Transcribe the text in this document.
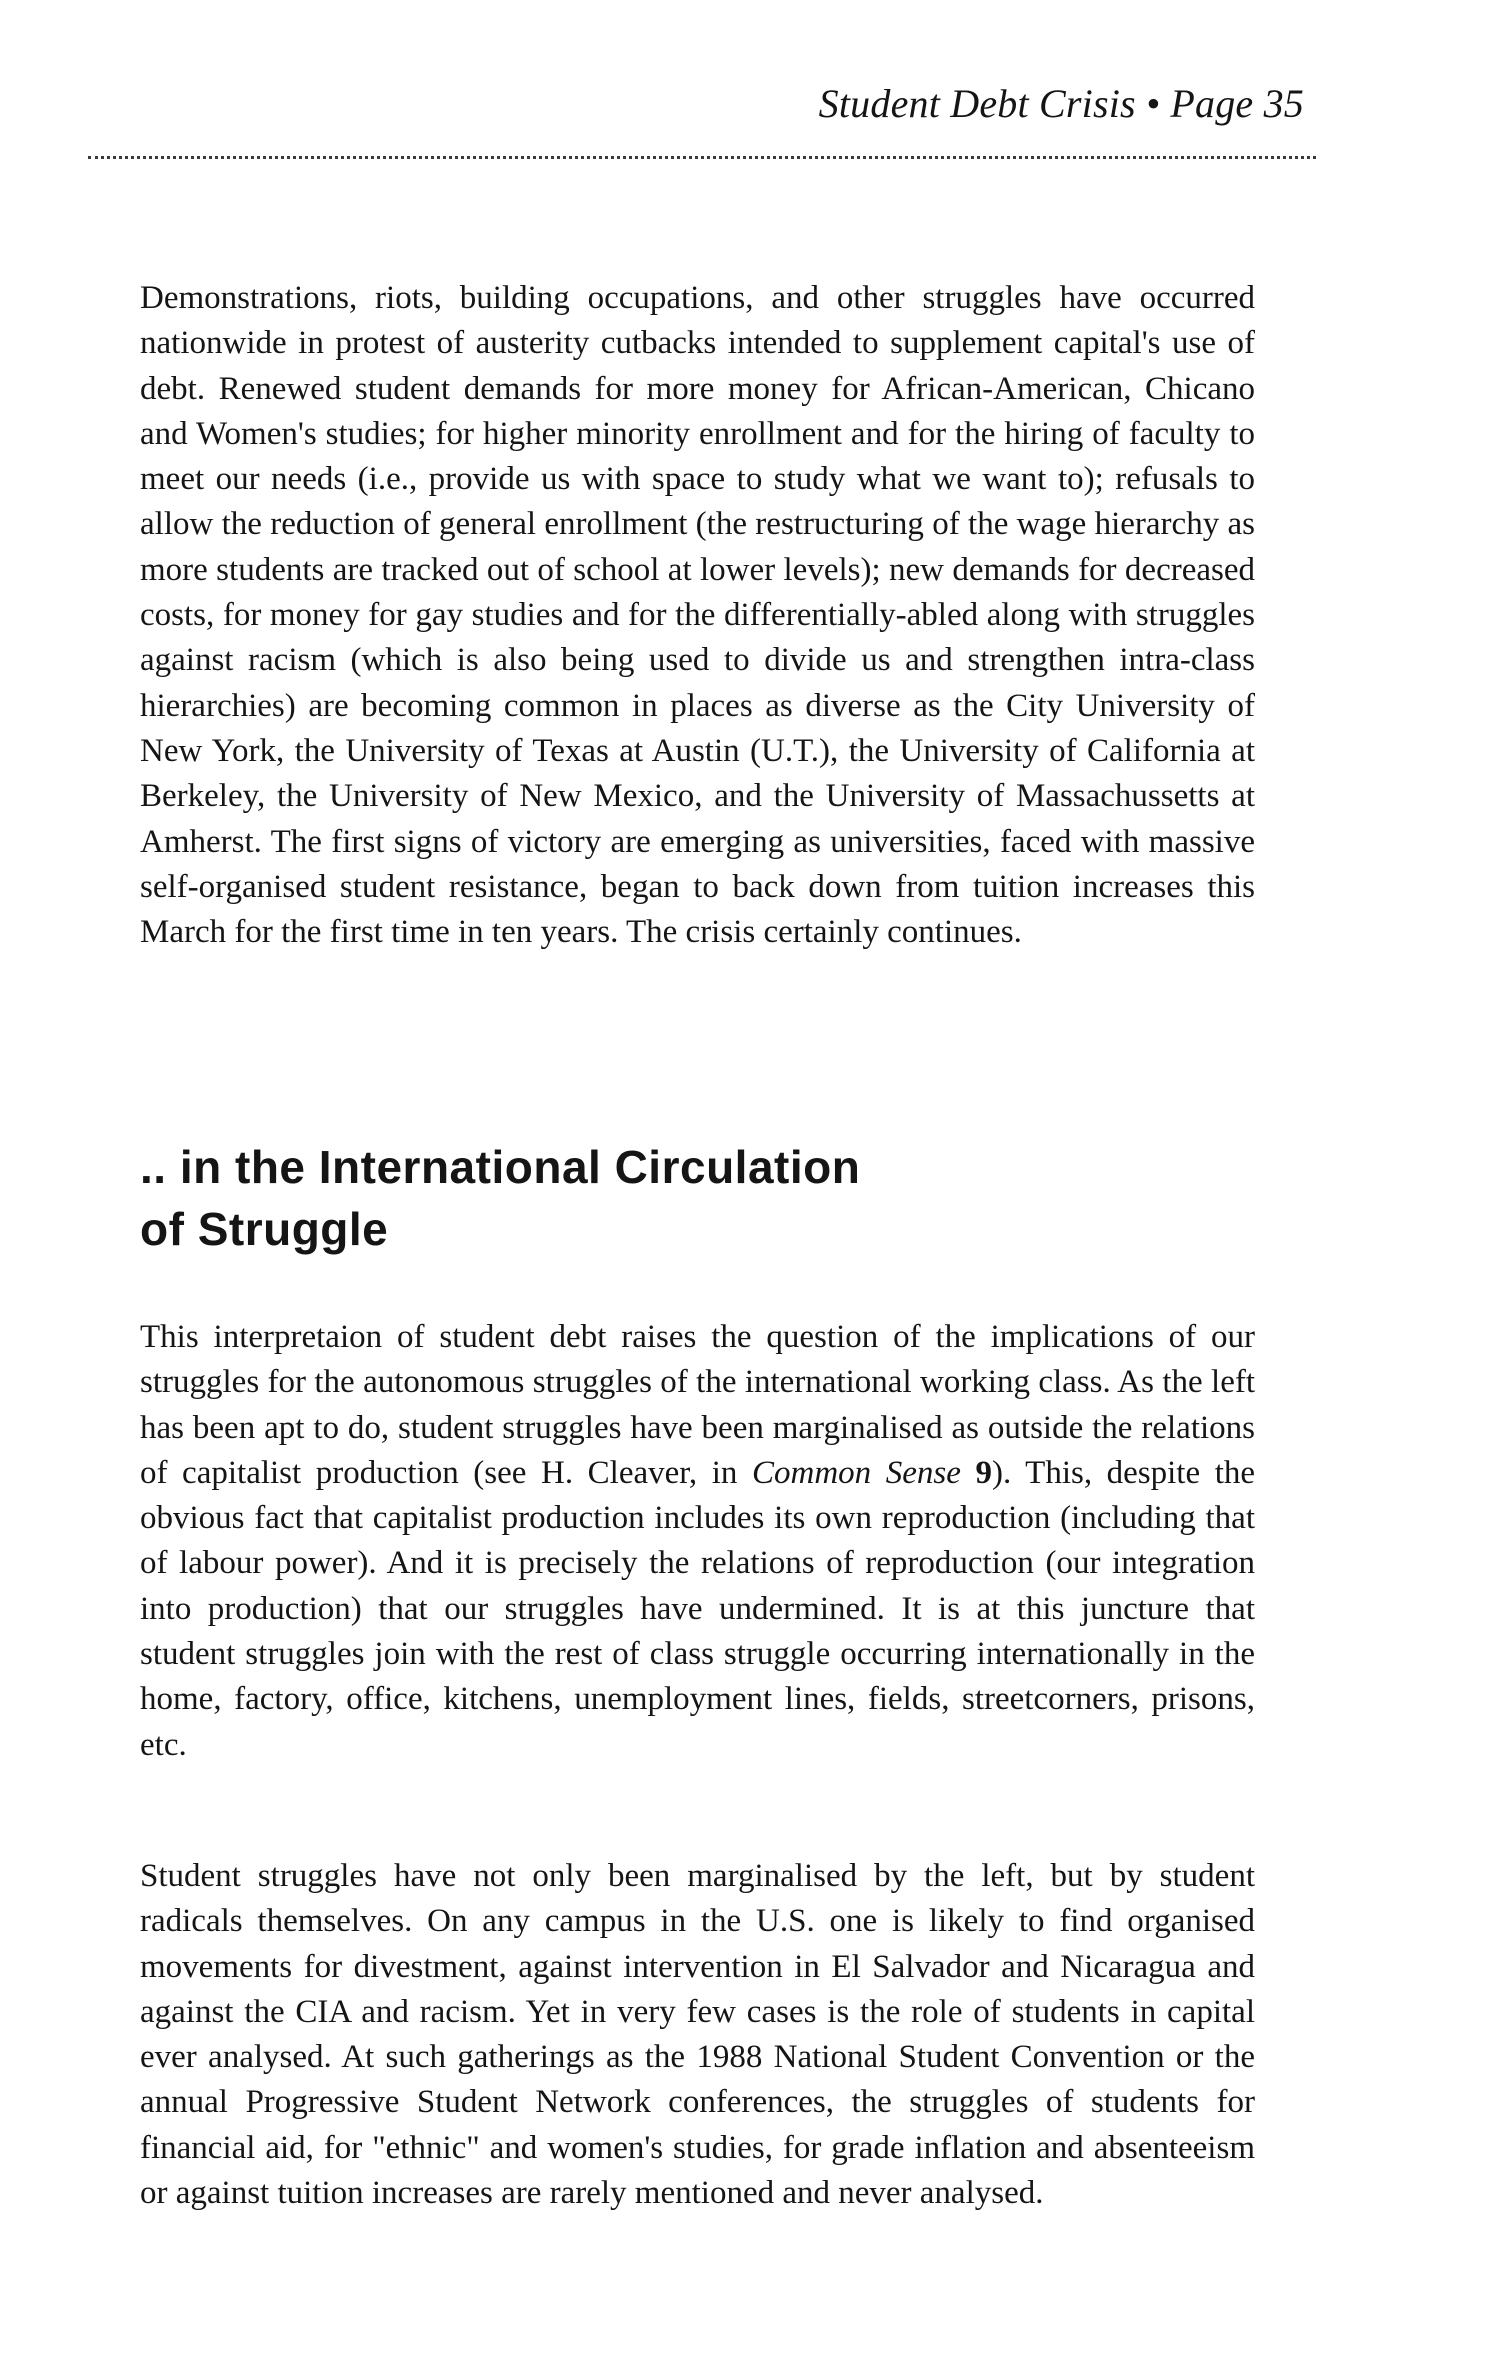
Student Debt Crisis • Page 35

Demonstrations, riots, building occupations, and other struggles have occurred nationwide in protest of austerity cutbacks intended to supplement capital's use of debt. Renewed student demands for more money for African-American, Chicano and Women's studies; for higher minority enrollment and for the hiring of faculty to meet our needs (i.e., provide us with space to study what we want to); refusals to allow the reduction of general enrollment (the restructuring of the wage hierarchy as more students are tracked out of school at lower levels); new demands for decreased costs, for money for gay studies and for the differentially-abled along with struggles against racism (which is also being used to divide us and strengthen intra-class hierarchies) are becoming common in places as diverse as the City University of New York, the University of Texas at Austin (U.T.), the University of California at Berkeley, the University of New Mexico, and the University of Massachussetts at Amherst. The first signs of victory are emerging as universities, faced with massive self-organised student resistance, began to back down from tuition increases this March for the first time in ten years. The crisis certainly continues.

.. in the International Circulation
of Struggle

This interpretaion of student debt raises the question of the implications of our struggles for the autonomous struggles of the international working class. As the left has been apt to do, student struggles have been marginalised as outside the relations of capitalist production (see H. Cleaver, in Common Sense 9). This, despite the obvious fact that capitalist production includes its own reproduction (including that of labour power). And it is precisely the relations of reproduction (our integration into production) that our struggles have undermined. It is at this juncture that student struggles join with the rest of class struggle occurring internationally in the home, factory, office, kitchens, unemployment lines, fields, streetcorners, prisons, etc.

Student struggles have not only been marginalised by the left, but by student radicals themselves. On any campus in the U.S. one is likely to find organised movements for divestment, against intervention in El Salvador and Nicaragua and against the CIA and racism. Yet in very few cases is the role of students in capital ever analysed. At such gatherings as the 1988 National Student Convention or the annual Progressive Student Network conferences, the struggles of students for financial aid, for "ethnic" and women's studies, for grade inflation and absenteeism or against tuition increases are rarely mentioned and never analysed.
